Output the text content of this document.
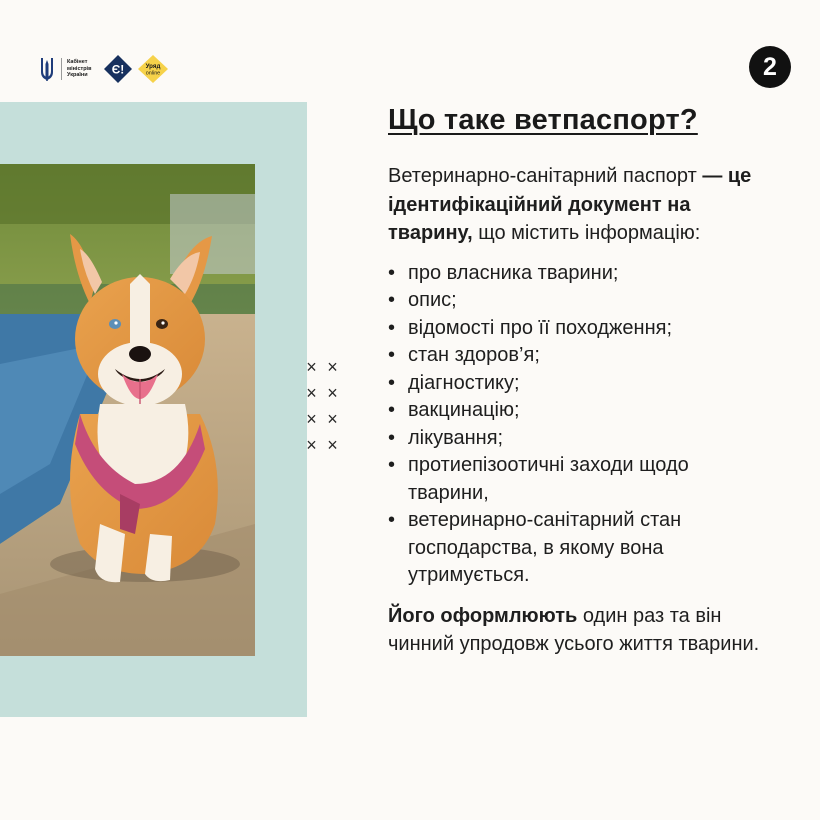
Кабінет
міністрів
України	Є!	Уряд
online	2
× ×
× ×
× ×
× ×
Що таке ветпаспорт?

Ветеринарно-санітарний паспорт — це ідентифікаційний документ на тварину, що містить інформацію:

• про власника тварини;
• опис;
• відомості про її походження;
• стан здоров’я;
• діагностику;
• вакцинацію;
• лікування;
• протиепізоотичні заходи щодо тварини,
• ветеринарно-санітарний стан господарства, в якому вона утримується.

Його оформлюють один раз та він чинний упродовж усього життя тварини.
